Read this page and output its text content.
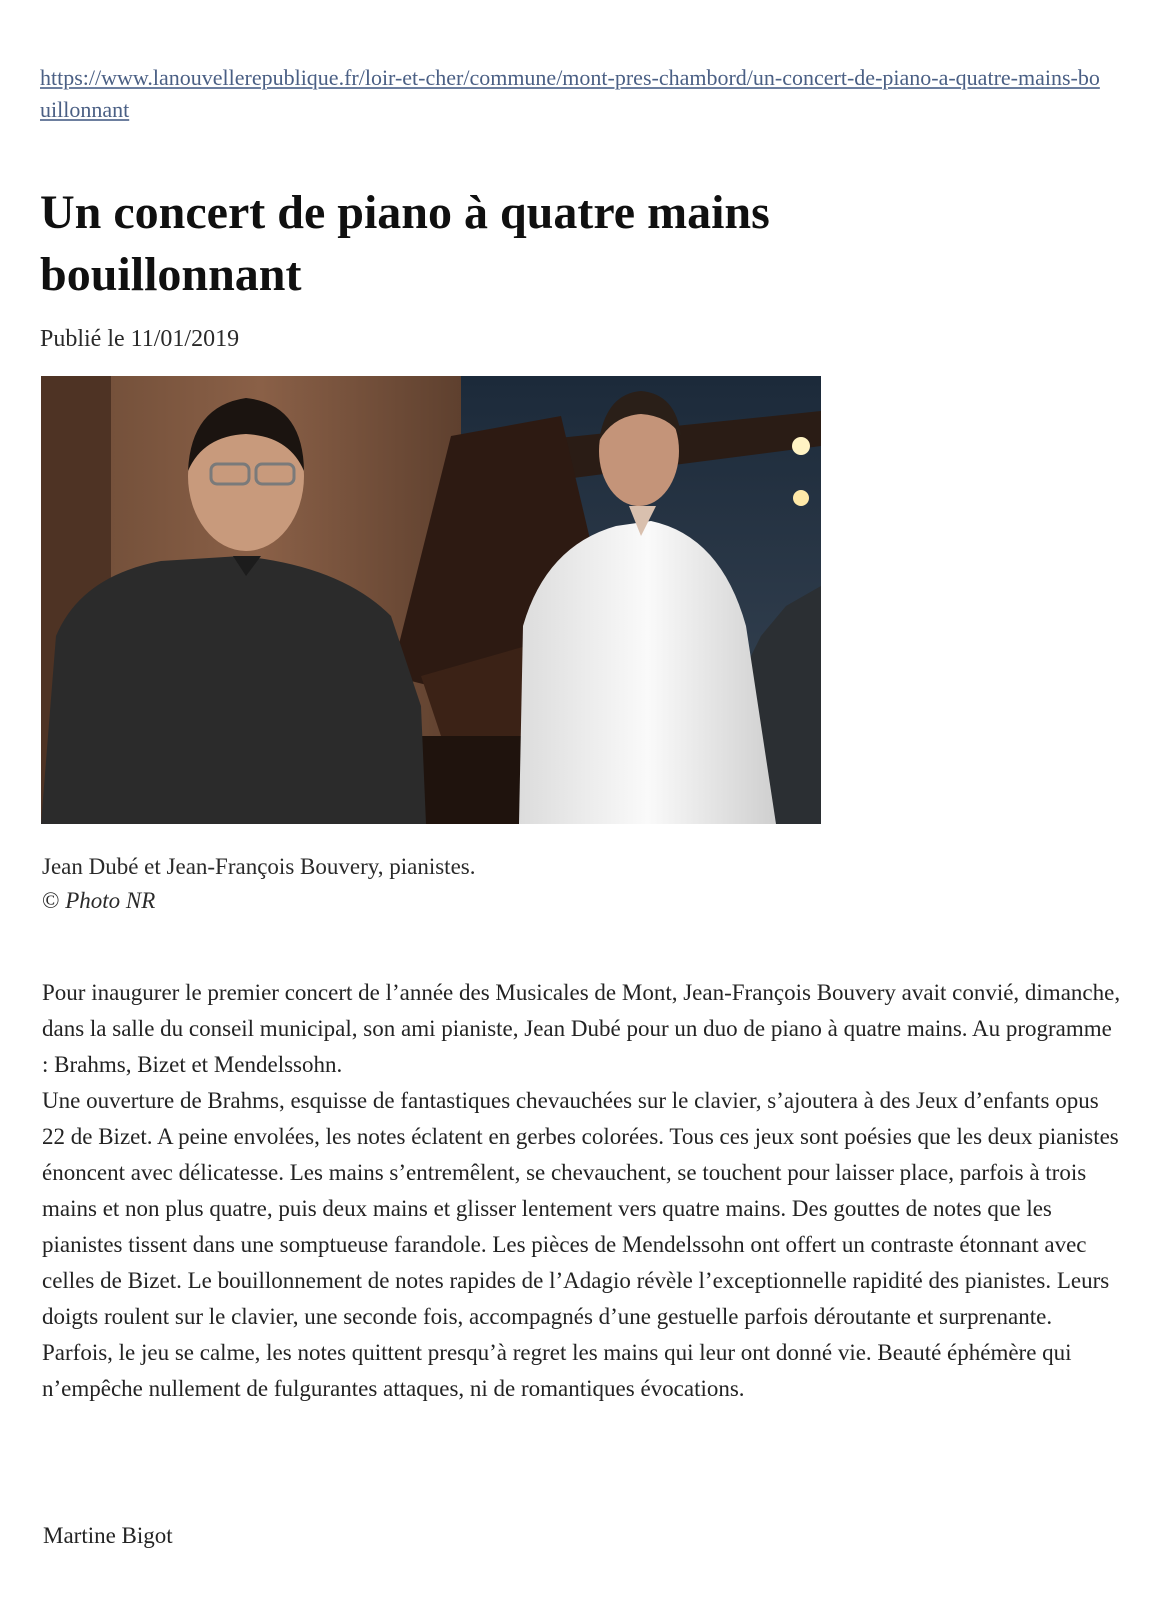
https://www.lanouvellerepublique.fr/loir-et-cher/commune/mont-pres-chambord/un-concert-de-piano-a-quatre-mains-bouillonnant
Un concert de piano à quatre mains bouillonnant
Publié le 11/01/2019
Jean Dubé et Jean-François Bouvery, pianistes.
© Photo NR

Pour inaugurer le premier concert de l’année des Musicales de Mont, Jean-François Bouvery avait convié, dimanche, dans la salle du conseil municipal, son ami pianiste, Jean Dubé pour un duo de piano à quatre mains. Au programme : Brahms, Bizet et Mendelssohn.

Une ouverture de Brahms, esquisse de fantastiques chevauchées sur le clavier, s’ajoutera à des Jeux d’enfants opus 22 de Bizet. A peine envolées, les notes éclatent en gerbes colorées. Tous ces jeux sont poésies que les deux pianistes énoncent avec délicatesse. Les mains s’entremêlent, se chevauchent, se touchent pour laisser place, parfois à trois mains et non plus quatre, puis deux mains et glisser lentement vers quatre mains. Des gouttes de notes que les pianistes tissent dans une somptueuse farandole. Les pièces de Mendelssohn ont offert un contraste étonnant avec celles de Bizet. Le bouillonnement de notes rapides de l’Adagio révèle l’exceptionnelle rapidité des pianistes. Leurs doigts roulent sur le clavier, une seconde fois, accompagnés d’une gestuelle parfois déroutante et surprenante. Parfois, le jeu se calme, les notes quittent presqu’à regret les mains qui leur ont donné vie. Beauté éphémère qui n’empêche nullement de fulgurantes attaques, ni de romantiques évocations.

Martine Bigot
